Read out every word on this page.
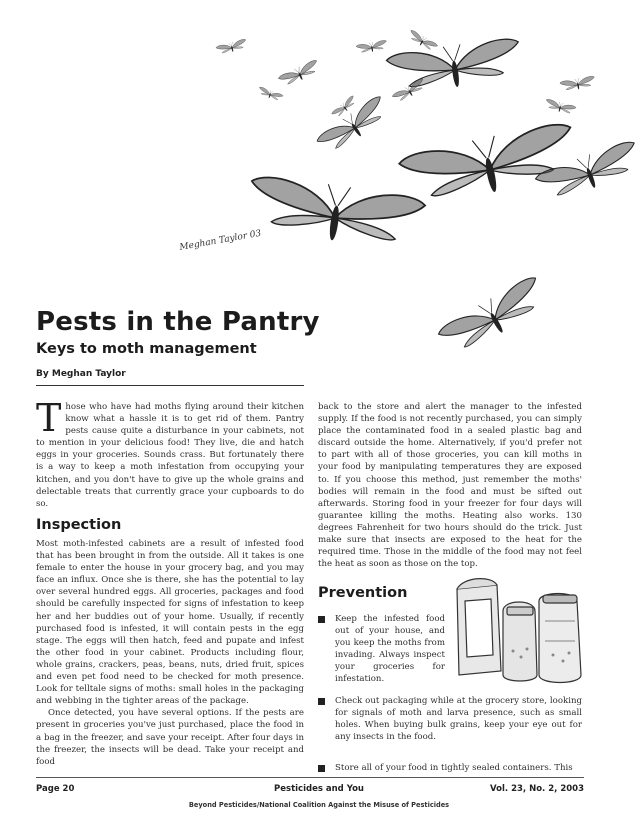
Meghan Taylor 03
Pests in the Pantry
Keys to moth management
By Meghan Taylor

Those who have had moths flying around their kitchen know what a hassle it is to get rid of them. Pantry pests cause quite a disturbance in your cabinets, not to mention in your delicious food! They live, die and hatch eggs in your groceries. Sounds crass. But fortunately there is a way to keep a moth infestation from occupying your kitchen, and you don't have to give up the whole grains and delectable treats that currently grace your cupboards to do so.

Inspection

Most moth-infested cabinets are a result of infested food that has been brought in from the outside. All it takes is one female to enter the house in your grocery bag, and you may face an influx. Once she is there, she has the potential to lay over several hundred eggs. All groceries, packages and food should be carefully inspected for signs of infestation to keep her and her buddies out of your home. Usually, if recently purchased food is infested, it will contain pests in the egg stage. The eggs will then hatch, feed and pupate and infest the other food in your cabinet. Products including flour, whole grains, crackers, peas, beans, nuts, dried fruit, spices and even pet food need to be checked for moth presence. Look for telltale signs of moths: small holes in the packaging and webbing in the tighter areas of the package.

Once detected, you have several options. If the pests are present in groceries you've just purchased, place the food in a bag in the freezer, and save your receipt. After four days in the freezer, the insects will be dead. Take your receipt and food

back to the store and alert the manager to the infested supply. If the food is not recently purchased, you can simply place the contaminated food in a sealed plastic bag and discard outside the home. Alternatively, if you'd prefer not to part with all of those groceries, you can kill moths in your food by manipulating temperatures they are exposed to. If you choose this method, just remember the moths' bodies will remain in the food and must be sifted out afterwards. Storing food in your freezer for four days will guarantee killing the moths. Heating also works. 130 degrees Fahrenheit for two hours should do the trick. Just make sure that insects are exposed to the heat for the required time. Those in the middle of the food may not feel the heat as soon as those on the top.

Prevention
Keep the infested food out of your house, and you keep the moths from invading. Always inspect your groceries for infestation.
Check out packaging while at the grocery store, looking for signals of moth and larva presence, such as small holes. When buying bulk grains, keep your eye out for any insects in the food.
Store all of your food in tightly sealed containers. This
Page 20	Pesticides and You	Vol. 23, No. 2, 2003
Beyond Pesticides/National Coalition Against the Misuse of Pesticides
